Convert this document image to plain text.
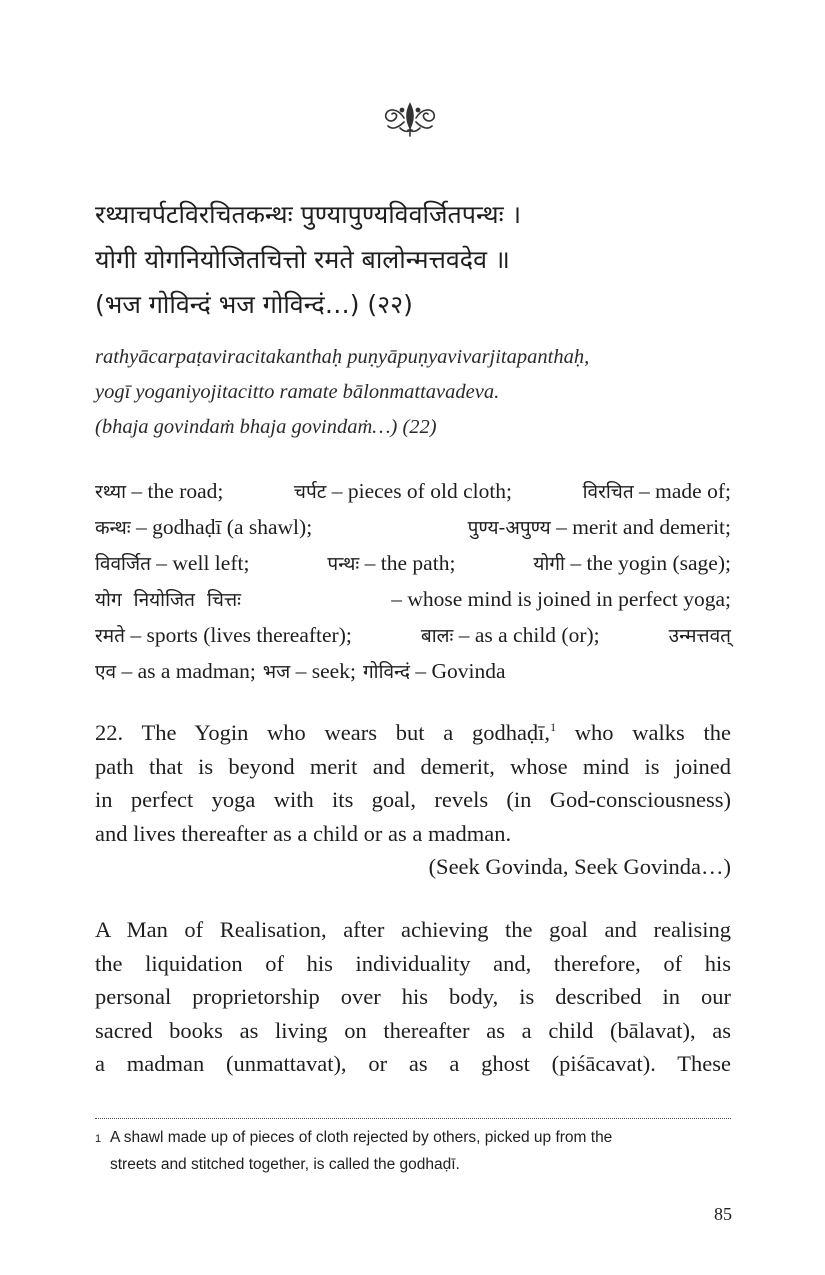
रथ्याचर्पटविरचितकन्थः पुण्यापुण्यविवर्जितपन्थः ।
योगी योगनियोजितचित्तो रमते बालोन्मत्तवदेव ॥
(भज गोविन्दं भज गोविन्दं…) (२२)
rathyācarpaṭaviracitakanthaḥ puṇyāpuṇyavivarjitapanthaḥ,
yogī yoganiyojitacitto ramate bālonmattavadeva.
(bhaja govindaṁ bhaja govindaṁ…) (22)
रथ्या – the road;	चर्पट – pieces of old cloth;	विरचित – made of;
कन्थः – godhaḍī (a shawl);	पुण्य-अपुण्य – merit and demerit;
विवर्जित – well left;	पन्थः – the path;	योगी – the yogin (sage);
योग नियोजित चित्तः	– whose mind is joined in perfect yoga;
रमते – sports (lives thereafter);	बालः – as a child (or);	उन्मत्तवत्
एव – as a madman; भज – seek; गोविन्दं – Govinda
22. The Yogin who wears but a godhaḍī,$^1$ who walks the
path that is beyond merit and demerit, whose mind is joined
in perfect yoga with its goal, revels (in God-consciousness)
and lives thereafter as a child or as a madman.
(Seek Govinda, Seek Govinda…)
A Man of Realisation, after achieving the goal and realising
the liquidation of his individuality and, therefore, of his
personal proprietorship over his body, is described in our
sacred books as living on thereafter as a child (bālavat), as
a madman (unmattavat), or as a ghost (piśācavat). These
1 A shawl made up of pieces of cloth rejected by others, picked up from the
streets and stitched together, is called the godhaḍī.
85
